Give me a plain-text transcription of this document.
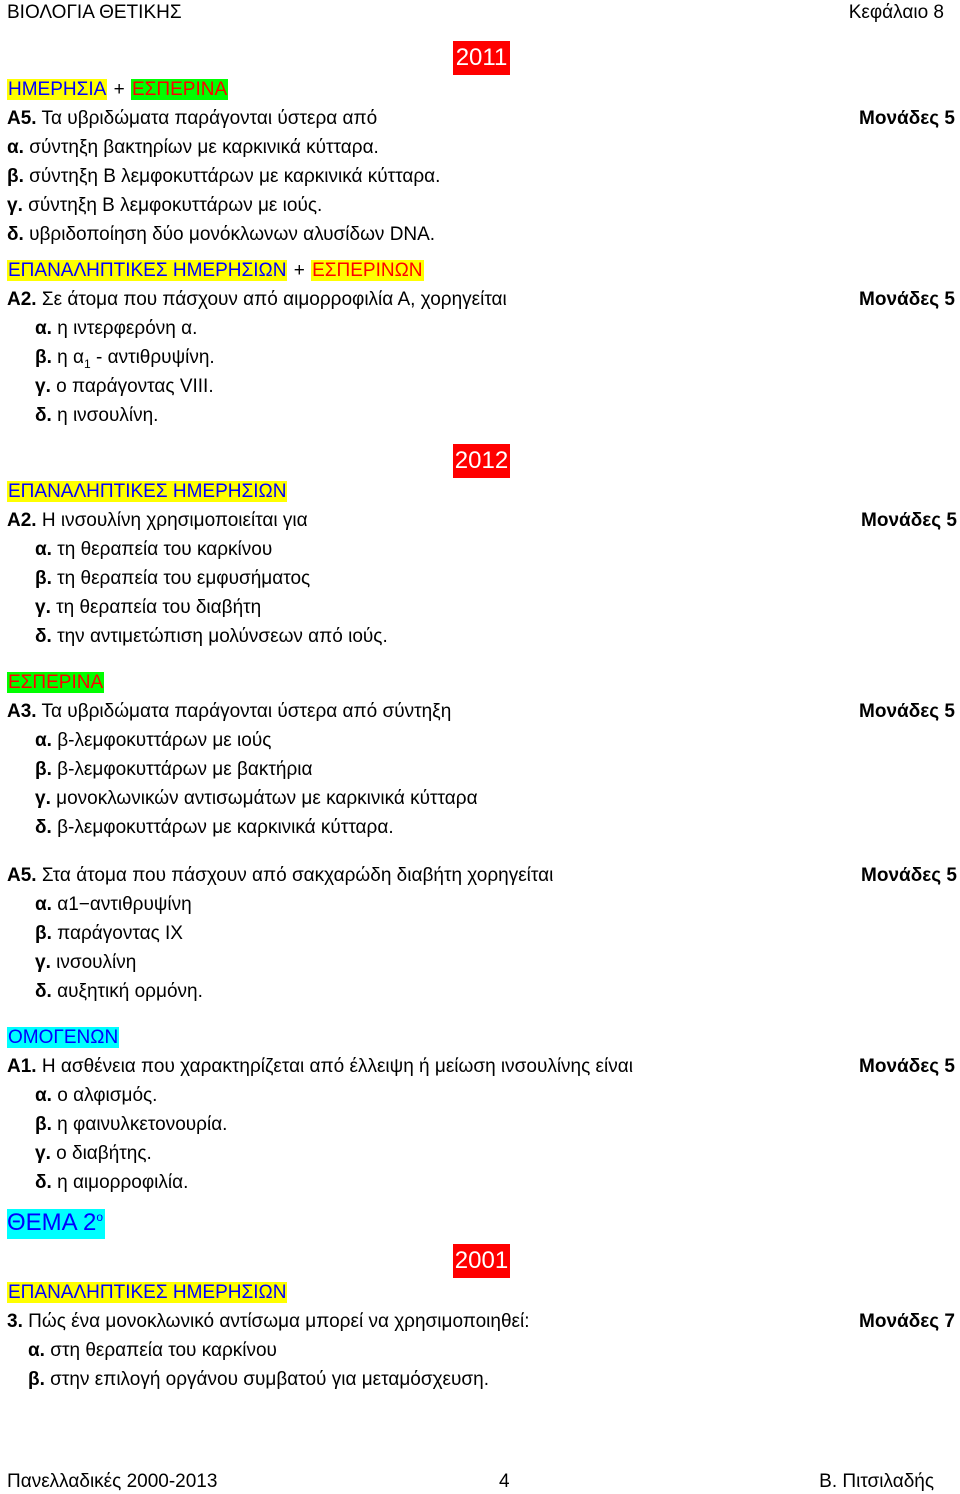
ΒΙΟΛΟΓΙΑ ΘΕΤΙΚΗΣ	Κεφάλαιο 8
2011
ΗΜΕΡΗΣΙΑ + ΕΣΠΕΡΙΝΑ
Α5. Τα υβριδώματα παράγονται ύστερα από	Μονάδες 5
α. σύντηξη βακτηρίων με καρκινικά κύτταρα.
β. σύντηξη Β λεμφοκυττάρων με καρκινικά κύτταρα.
γ. σύντηξη Β λεμφοκυττάρων με ιούς.
δ. υβριδοποίηση δύο μονόκλωνων αλυσίδων DNA.
ΕΠΑΝΑΛΗΠΤΙΚΕΣ ΗΜΕΡΗΣΙΩΝ + ΕΣΠΕΡΙΝΩΝ
Α2. Σε άτομα που πάσχουν από αιμορροφιλία Α, χορηγείται	Μονάδες 5
α. η ιντερφερόνη α.
β. η $\alpha_1$ - αντιθρυψίνη.
γ. ο παράγοντας VIII.
δ. η ινσουλίνη.
2012
ΕΠΑΝΑΛΗΠΤΙΚΕΣ ΗΜΕΡΗΣΙΩΝ
Α2. Η ινσουλίνη χρησιμοποιείται για	Μονάδες 5
α. τη θεραπεία του καρκίνου
β. τη θεραπεία του εμφυσήματος
γ. τη θεραπεία του διαβήτη
δ. την αντιμετώπιση μολύνσεων από ιούς.
ΕΣΠΕΡΙΝΑ
Α3. Τα υβριδώματα παράγονται ύστερα από σύντηξη	Μονάδες 5
α. β-λεμφοκυττάρων με ιούς
β. β-λεμφοκυττάρων με βακτήρια
γ. μονοκλωνικών αντισωμάτων με καρκινικά κύτταρα
δ. β-λεμφοκυττάρων με καρκινικά κύτταρα.
Α5. Στα άτομα που πάσχουν από σακχαρώδη διαβήτη χορηγείται	Μονάδες 5
α. α1−αντιθρυψίνη
β. παράγοντας ΙΧ
γ. ινσουλίνη
δ. αυξητική ορμόνη.
ΟΜΟΓΕΝΩΝ
Α1. Η ασθένεια που χαρακτηρίζεται από έλλειψη ή μείωση ινσουλίνης είναι	Μονάδες 5
α. ο αλφισμός.
β. η φαινυλκετονουρία.
γ. ο διαβήτης.
δ. η αιμορροφιλία.
ΘΕΜΑ $2^o$
2001
ΕΠΑΝΑΛΗΠΤΙΚΕΣ ΗΜΕΡΗΣΙΩΝ
3. Πώς ένα μονοκλωνικό αντίσωμα μπορεί να χρησιμοποιηθεί:	Μονάδες 7
α. στη θεραπεία του καρκίνου
β. στην επιλογή οργάνου συμβατού για μεταμόσχευση.
Πανελλαδικές 2000-2013	4	Β. Πιτσιλαδής
